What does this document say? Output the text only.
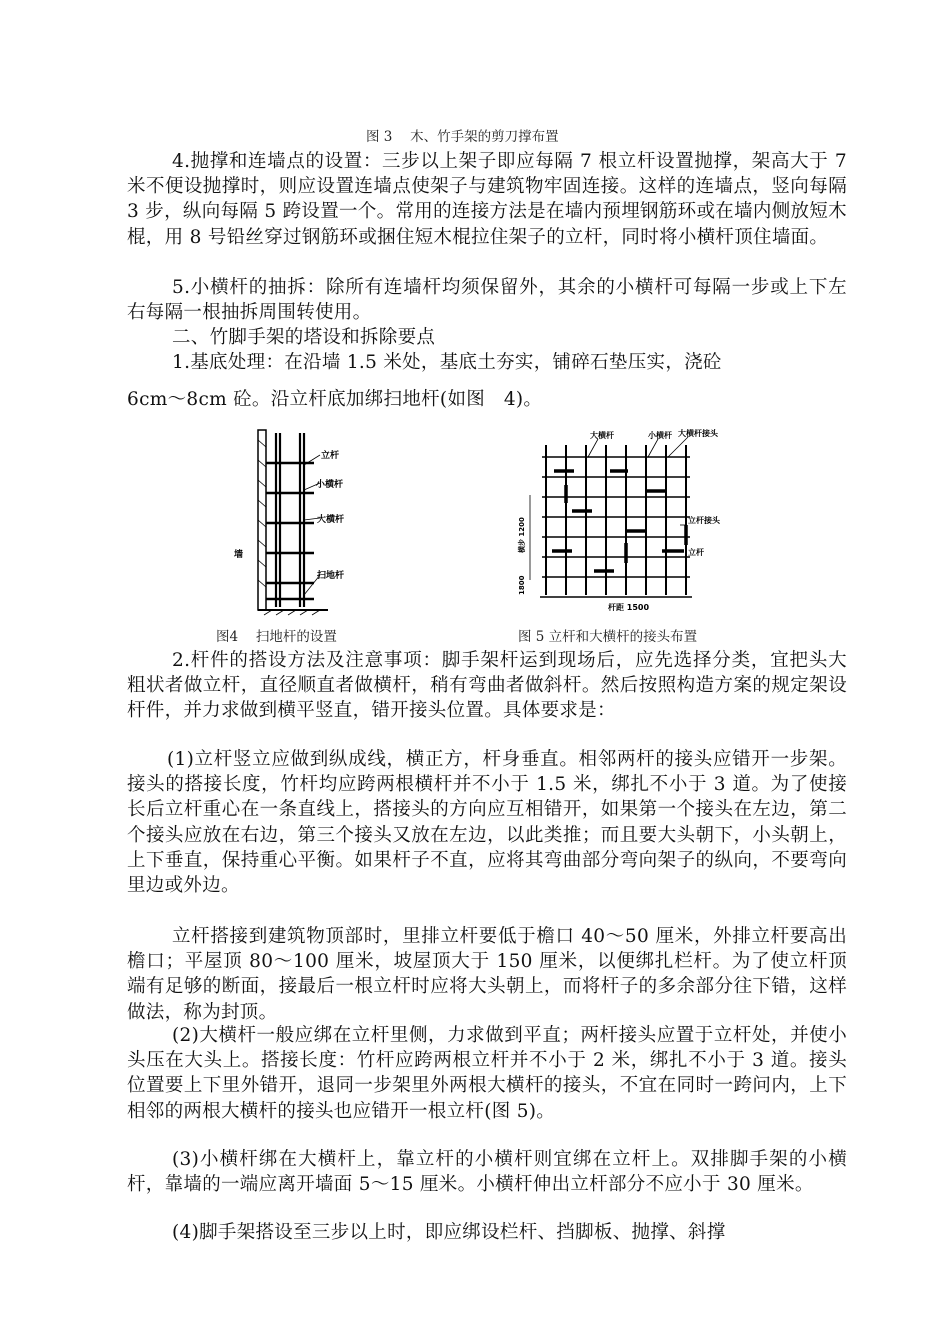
图 3　 木、竹手架的剪刀撑布置

4.抛撑和连墙点的设置：三步以上架子即应每隔 7 根立杆设置抛撑，架高大于 7 米不便设抛撑时，则应设置连墙点使架子与建筑物牢固连接。这样的连墙点，竖向每隔 3 步，纵向每隔 5 跨设置一个。常用的连接方法是在墙内预埋钢筋环或在墙内侧放短木棍，用 8 号铅丝穿过钢筋环或捆住短木棍拉住架子的立杆，同时将小横杆顶住墙面。

5.小横杆的抽拆：除所有连墙杆均须保留外，其余的小横杆可每隔一步或上下左右每隔一根抽拆周围转使用。

二、竹脚手架的塔设和拆除要点

1.基底处理：在沿墙 1.5 米处，基底土夯实，铺碎石垫压实，浇砼

6cm～8cm 砼。沿立杆底加绑扫地杆(如图　4)。

立杆
小横杆
大横杆
墙
扫地杆
图4　 扫地杆的设置
大横杆	小横杆 大横杆接头
立杆接头
立杆
横步 1200
1800
杆距 1500
图 5 立杆和大横杆的接头布置

2.杆件的搭设方法及注意事项：脚手架杆运到现场后，应先选择分类，宜把头大粗状者做立杆，直径顺直者做横杆，稍有弯曲者做斜杆。然后按照构造方案的规定架设杆件，并力求做到横平竖直，错开接头位置。具体要求是：

(1)立杆竖立应做到纵成线，横正方，杆身垂直。相邻两杆的接头应错开一步架。接头的搭接长度，竹杆均应跨两根横杆并不小于 1.5 米，绑扎不小于 3 道。为了使接长后立杆重心在一条直线上，搭接头的方向应互相错开，如果第一个接头在左边，第二个接头应放在右边，第三个接头又放在左边，以此类推；而且要大头朝下，小头朝上，上下垂直，保持重心平衡。如果杆子不直，应将其弯曲部分弯向架子的纵向，不要弯向里边或外边。

立杆搭接到建筑物顶部时，里排立杆要低于檐口 40～50 厘米，外排立杆要高出檐口；平屋顶 80～100 厘米，坡屋顶大于 150 厘米，以便绑扎栏杆。为了使立杆顶端有足够的断面，接最后一根立杆时应将大头朝上，而将杆子的多余部分往下错，这样做法，称为封顶。

(2)大横杆一般应绑在立杆里侧，力求做到平直；两杆接头应置于立杆处，并使小头压在大头上。搭接长度：竹杆应跨两根立杆并不小于 2 米，绑扎不小于 3 道。接头位置要上下里外错开，退同一步架里外两根大横杆的接头，不宜在同时一跨问内，上下相邻的两根大横杆的接头也应错开一根立杆(图 5)。

(3)小横杆绑在大横杆上，靠立杆的小横杆则宜绑在立杆上。双排脚手架的小横杆，靠墙的一端应离开墙面 5～15 厘米。小横杆伸出立杆部分不应小于 30 厘米。

(4)脚手架搭设至三步以上时，即应绑设栏杆、挡脚板、抛撑、斜撑
